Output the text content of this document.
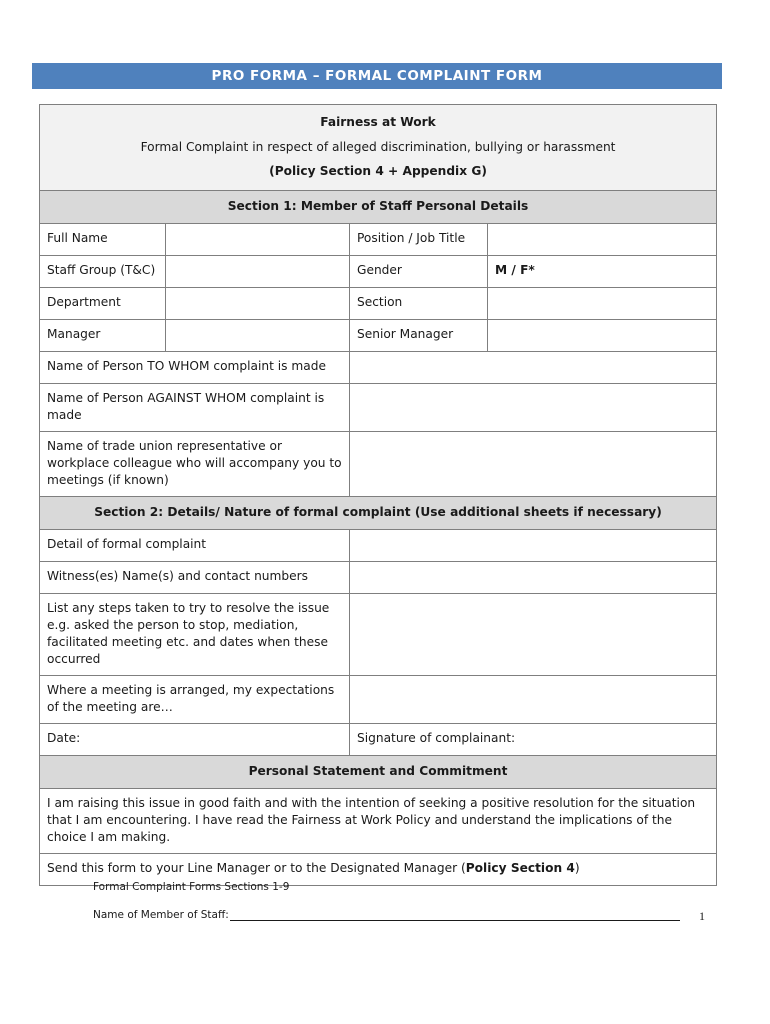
PRO FORMA – FORMAL COMPLAINT FORM
Fairness at Work
Formal Complaint in respect of alleged discrimination, bullying or harassment
(Policy Section 4 + Appendix G)			

Section 1: Member of Staff Personal Details			
Full Name		Position / Job Title	
Staff Group (T&C)		Gender	M / F*
Department		Section	
Manager		Senior Manager	
Name of Person TO WHOM complaint is made			
Name of Person AGAINST WHOM complaint is made			
Name of trade union representative or workplace colleague who will accompany you to meetings (if known)			
Section 2: Details/ Nature of formal complaint (Use additional sheets if necessary)			
Detail of formal complaint			
Witness(es) Name(s) and contact numbers			
List any steps taken to try to resolve the issue e.g. asked the person to stop, mediation, facilitated meeting etc. and dates when these occurred			
Where a meeting is arranged, my expectations of the meeting are…			
Date:		Signature of complainant:	
Personal Statement and Commitment			
I am raising this issue in good faith and with the intention of seeking a positive resolution for the situation that I am encountering. I have read the Fairness at Work Policy and understand the implications of the choice I am making.			
Send this form to your Line Manager or to the Designated Manager (Policy Section 4)			
Formal Complaint Forms Sections 1-9
Name of Member of Staff:	1
